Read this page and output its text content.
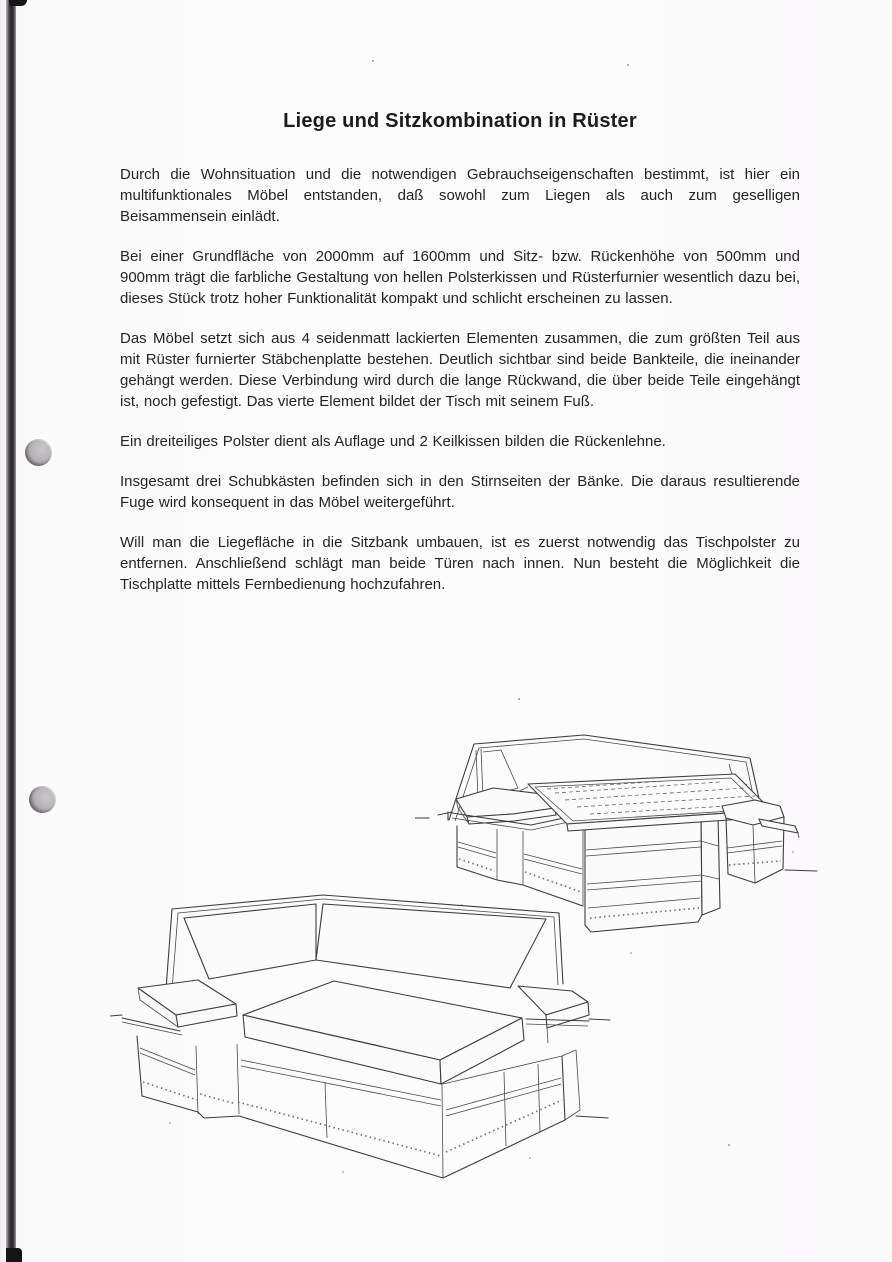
Liege und Sitzkombination in Rüster

Durch die Wohnsituation und die notwendigen Gebrauchseigenschaften bestimmt, ist hier ein multifunktionales Möbel entstanden, daß sowohl zum Liegen als auch zum geselligen Beisammensein einlädt.

Bei einer Grundfläche von 2000mm auf 1600mm und Sitz- bzw. Rückenhöhe von 500mm und 900mm trägt die farbliche Gestaltung von hellen Polsterkissen und Rüsterfurnier wesentlich dazu bei, dieses Stück trotz hoher Funktionalität kompakt und schlicht erscheinen zu lassen.

Das Möbel setzt sich aus 4 seidenmatt lackierten Elementen zusammen, die zum größten Teil aus mit Rüster furnierter Stäbchenplatte bestehen. Deutlich sichtbar sind beide Bankteile, die ineinander gehängt werden. Diese Verbindung wird durch die lange Rückwand, die über beide Teile eingehängt ist, noch gefestigt. Das vierte Element bildet der Tisch mit seinem Fuß.

Ein dreiteiliges Polster dient als Auflage und 2 Keilkissen bilden die Rückenlehne.

Insgesamt drei Schubkästen befinden sich in den Stirnseiten der Bänke. Die daraus resultierende Fuge wird konsequent in das Möbel weitergeführt.

Will man die Liegefläche in die Sitzbank umbauen, ist es zuerst notwendig das Tischpolster zu entfernen. Anschließend schlägt man beide Türen nach innen. Nun besteht die Möglichkeit die Tischplatte mittels Fernbedienung hochzufahren.
